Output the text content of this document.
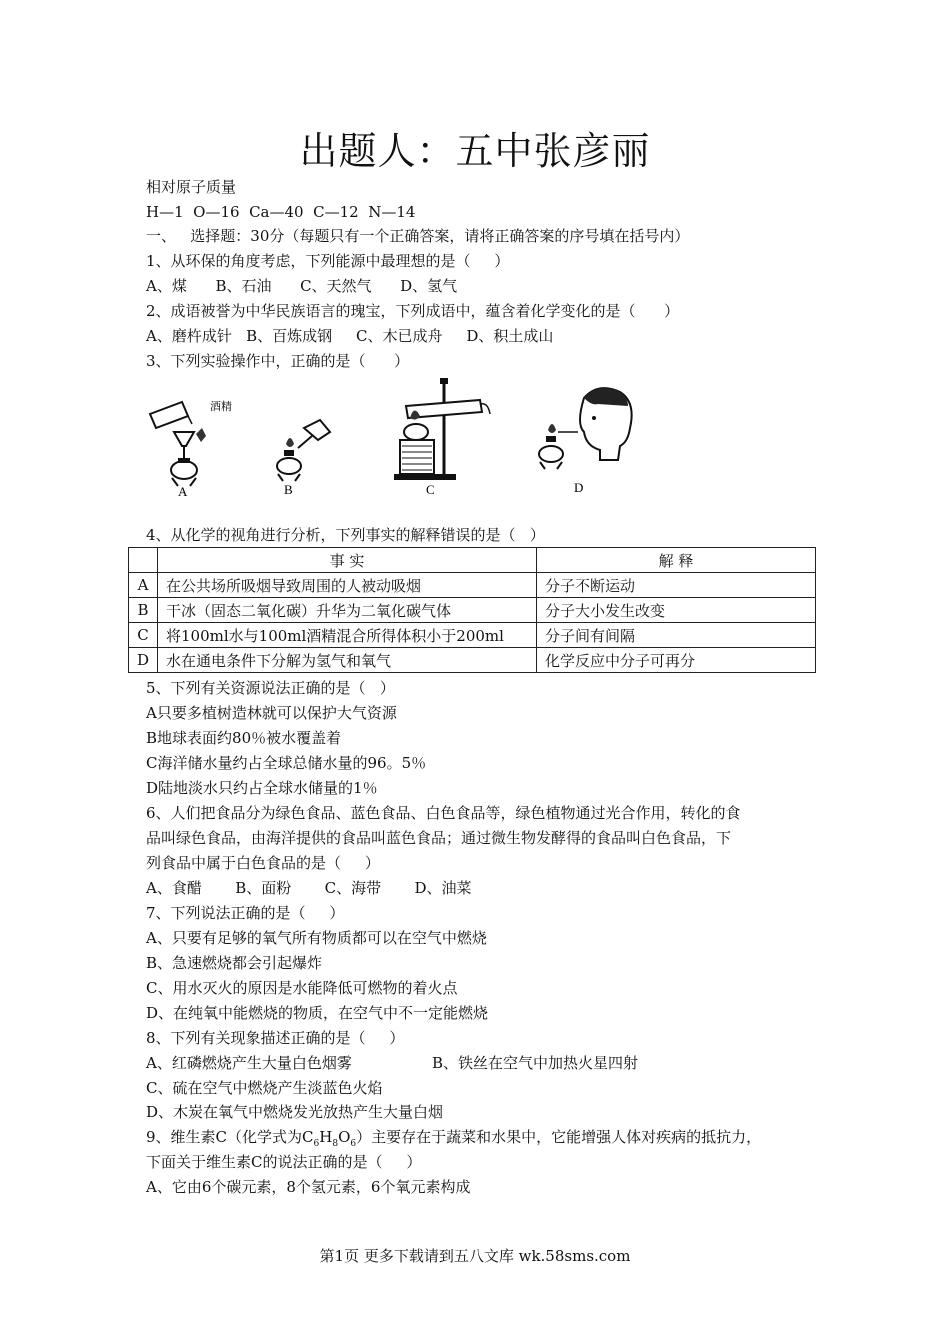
出题人：五中张彦丽
相对原子质量
H—1  O—16  Ca—40  C—12  N—14
一、   选择题：30分（每题只有一个正确答案，请将正确答案的序号填在括号内）
1、从环保的角度考虑，下列能源中最理想的是（     ）
A、煤      B、石油      C、天然气      D、氢气
2、成语被誉为中华民族语言的瑰宝，下列成语中，蕴含着化学变化的是（      ）
A、磨杵成针   B、百炼成钢     C、木已成舟     D、积土成山
3、下列实验操作中，正确的是（      ）
酒精
A	B	C	D
4、从化学的视角进行分析，下列事实的解释错误的是（   ）
	事 实	解 释
A	在公共场所吸烟导致周围的人被动吸烟	分子不断运动
B	干冰（固态二氧化碳）升华为二氧化碳气体	分子大小发生改变
C	将100ml水与100ml酒精混合所得体积小于200ml	分子间有间隔
D	水在通电条件下分解为氢气和氧气	化学反应中分子可再分
5、下列有关资源说法正确的是（   ）
A只要多植树造林就可以保护大气资源
B地球表面约80％被水覆盖着
C海洋储水量约占全球总储水量的96。5％
D陆地淡水只约占全球水储量的1％
6、人们把食品分为绿色食品、蓝色食品、白色食品等，绿色植物通过光合作用，转化的食
品叫绿色食品，由海洋提供的食品叫蓝色食品；通过微生物发酵得的食品叫白色食品，下
列食品中属于白色食品的是（     ）
A、食醋       B、面粉       C、海带       D、油菜
7、下列说法正确的是（     ）
A、只要有足够的氧气所有物质都可以在空气中燃烧
B、急速燃烧都会引起爆炸
C、用水灭火的原因是水能降低可燃物的着火点
D、在纯氧中能燃烧的物质，在空气中不一定能燃烧
8、下列有关现象描述正确的是（     ）
A、红磷燃烧产生大量白色烟雾	B、铁丝在空气中加热火星四射
C、硫在空气中燃烧产生淡蓝色火焰
D、木炭在氧气中燃烧发光放热产生大量白烟
9、维生素C（化学式为$C_6H_8O_6$）主要存在于蔬菜和水果中，它能增强人体对疾病的抵抗力，
下面关于维生素C的说法正确的是（     ）
A、它由6个碳元素，8个氢元素，6个氧元素构成
第1页 更多下载请到五八文库 wk.58sms.com
